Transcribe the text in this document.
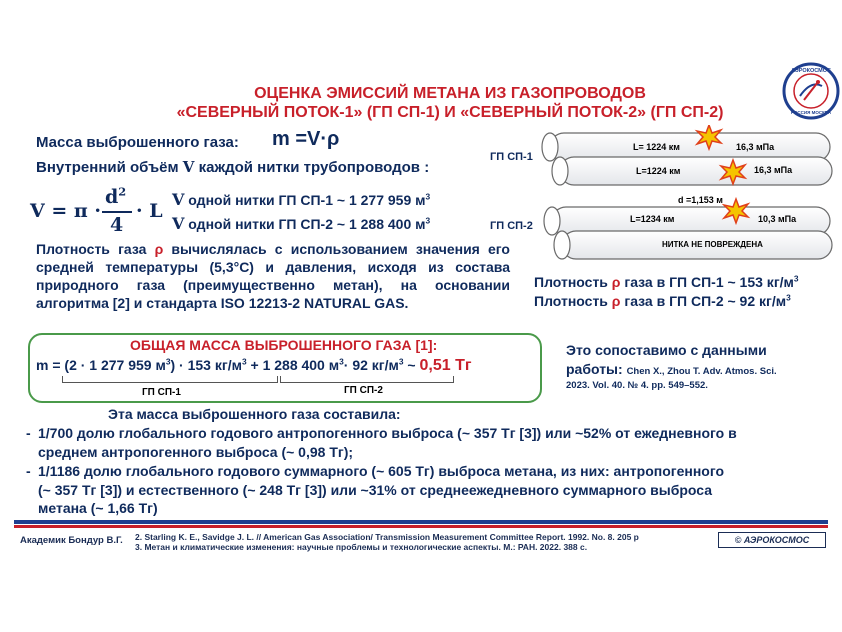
ОЦЕНКА ЭМИССИЙ МЕТАНА ИЗ ГАЗОПРОВОДОВ
«СЕВЕРНЫЙ ПОТОК-1» (ГП СП-1) И «СЕВЕРНЫЙ ПОТОК-2» (ГП СП-2)
АЭРОКОСМОС
РОССИЯ МОСКВА
Масса выброшенного газа: m =V·ρ
Внутренний объём V каждой нитки трубопроводов :
V = π ·
$d^2$
4
· L
V одной нитки ГП СП-1 ~ 1 277 959 $м^3$
V одной нитки ГП СП-2 ~ 1 288 400 $м^3$
ГП СП-1
ГП СП-2
L= 1224 км	16,3 мПа
L=1224 км	16,3 мПа
d =1,153 м
L=1234 км	10,3 мПа
НИТКА НЕ ПОВРЕЖДЕНА
Плотность газа ρ вычислялась с использованием значения его средней температуры (5,3°С) и давления, исходя из состава природного газа (преимущественно метан), на основании алгоритма [2] и стандарта ISO 12213-2 NATURAL GAS.
Плотность ρ газа в ГП СП-1 ~ 153 $кг/м^3$
Плотность ρ газа в ГП СП-2 ~ 92 $кг/м^3$
ОБЩАЯ МАССА ВЫБРОШЕННОГО ГАЗА [1]:
m = (2 · 1 277 959 $м^3) \cdot 153$ $кг/м^3 + 1$ 288 400 $м^3\cdot 92$ $кг/м^3$ ~ 0,51 Тг
ГП СП-1	ГП СП-2
Это сопоставимо с данными
работы: Chen X., Zhou T. Adv. Atmos. Sci.
2023. Vol. 40. № 4. pp. 549–552.
Эта масса выброшенного газа составила:
- 1/700 долю глобального годового антропогенного выброса (~ 357 Тг [3]) или ~52% от ежедневного в
среднем антропогенного выброса (~ 0,98 Тг);
- 1/1186 долю глобального годового суммарного (~ 605 Тг) выброса метана, из них: антропогенного
(~ 357 Тг [3]) и естественного (~ 248 Тг [3]) или ~31% от среднеежедневного суммарного выброса
метана (~ 1,66 Тг)
Академик Бондур В.Г. 2. Starling K. E., Savidge J. L. // American Gas Association/ Transmission Measurement Committee Report. 1992. No. 8. 205 p
3. Метан и климатические изменения: научные проблемы и технологические аспекты. М.: РАН. 2022. 388 с.
© АЭРОКОСМОС
